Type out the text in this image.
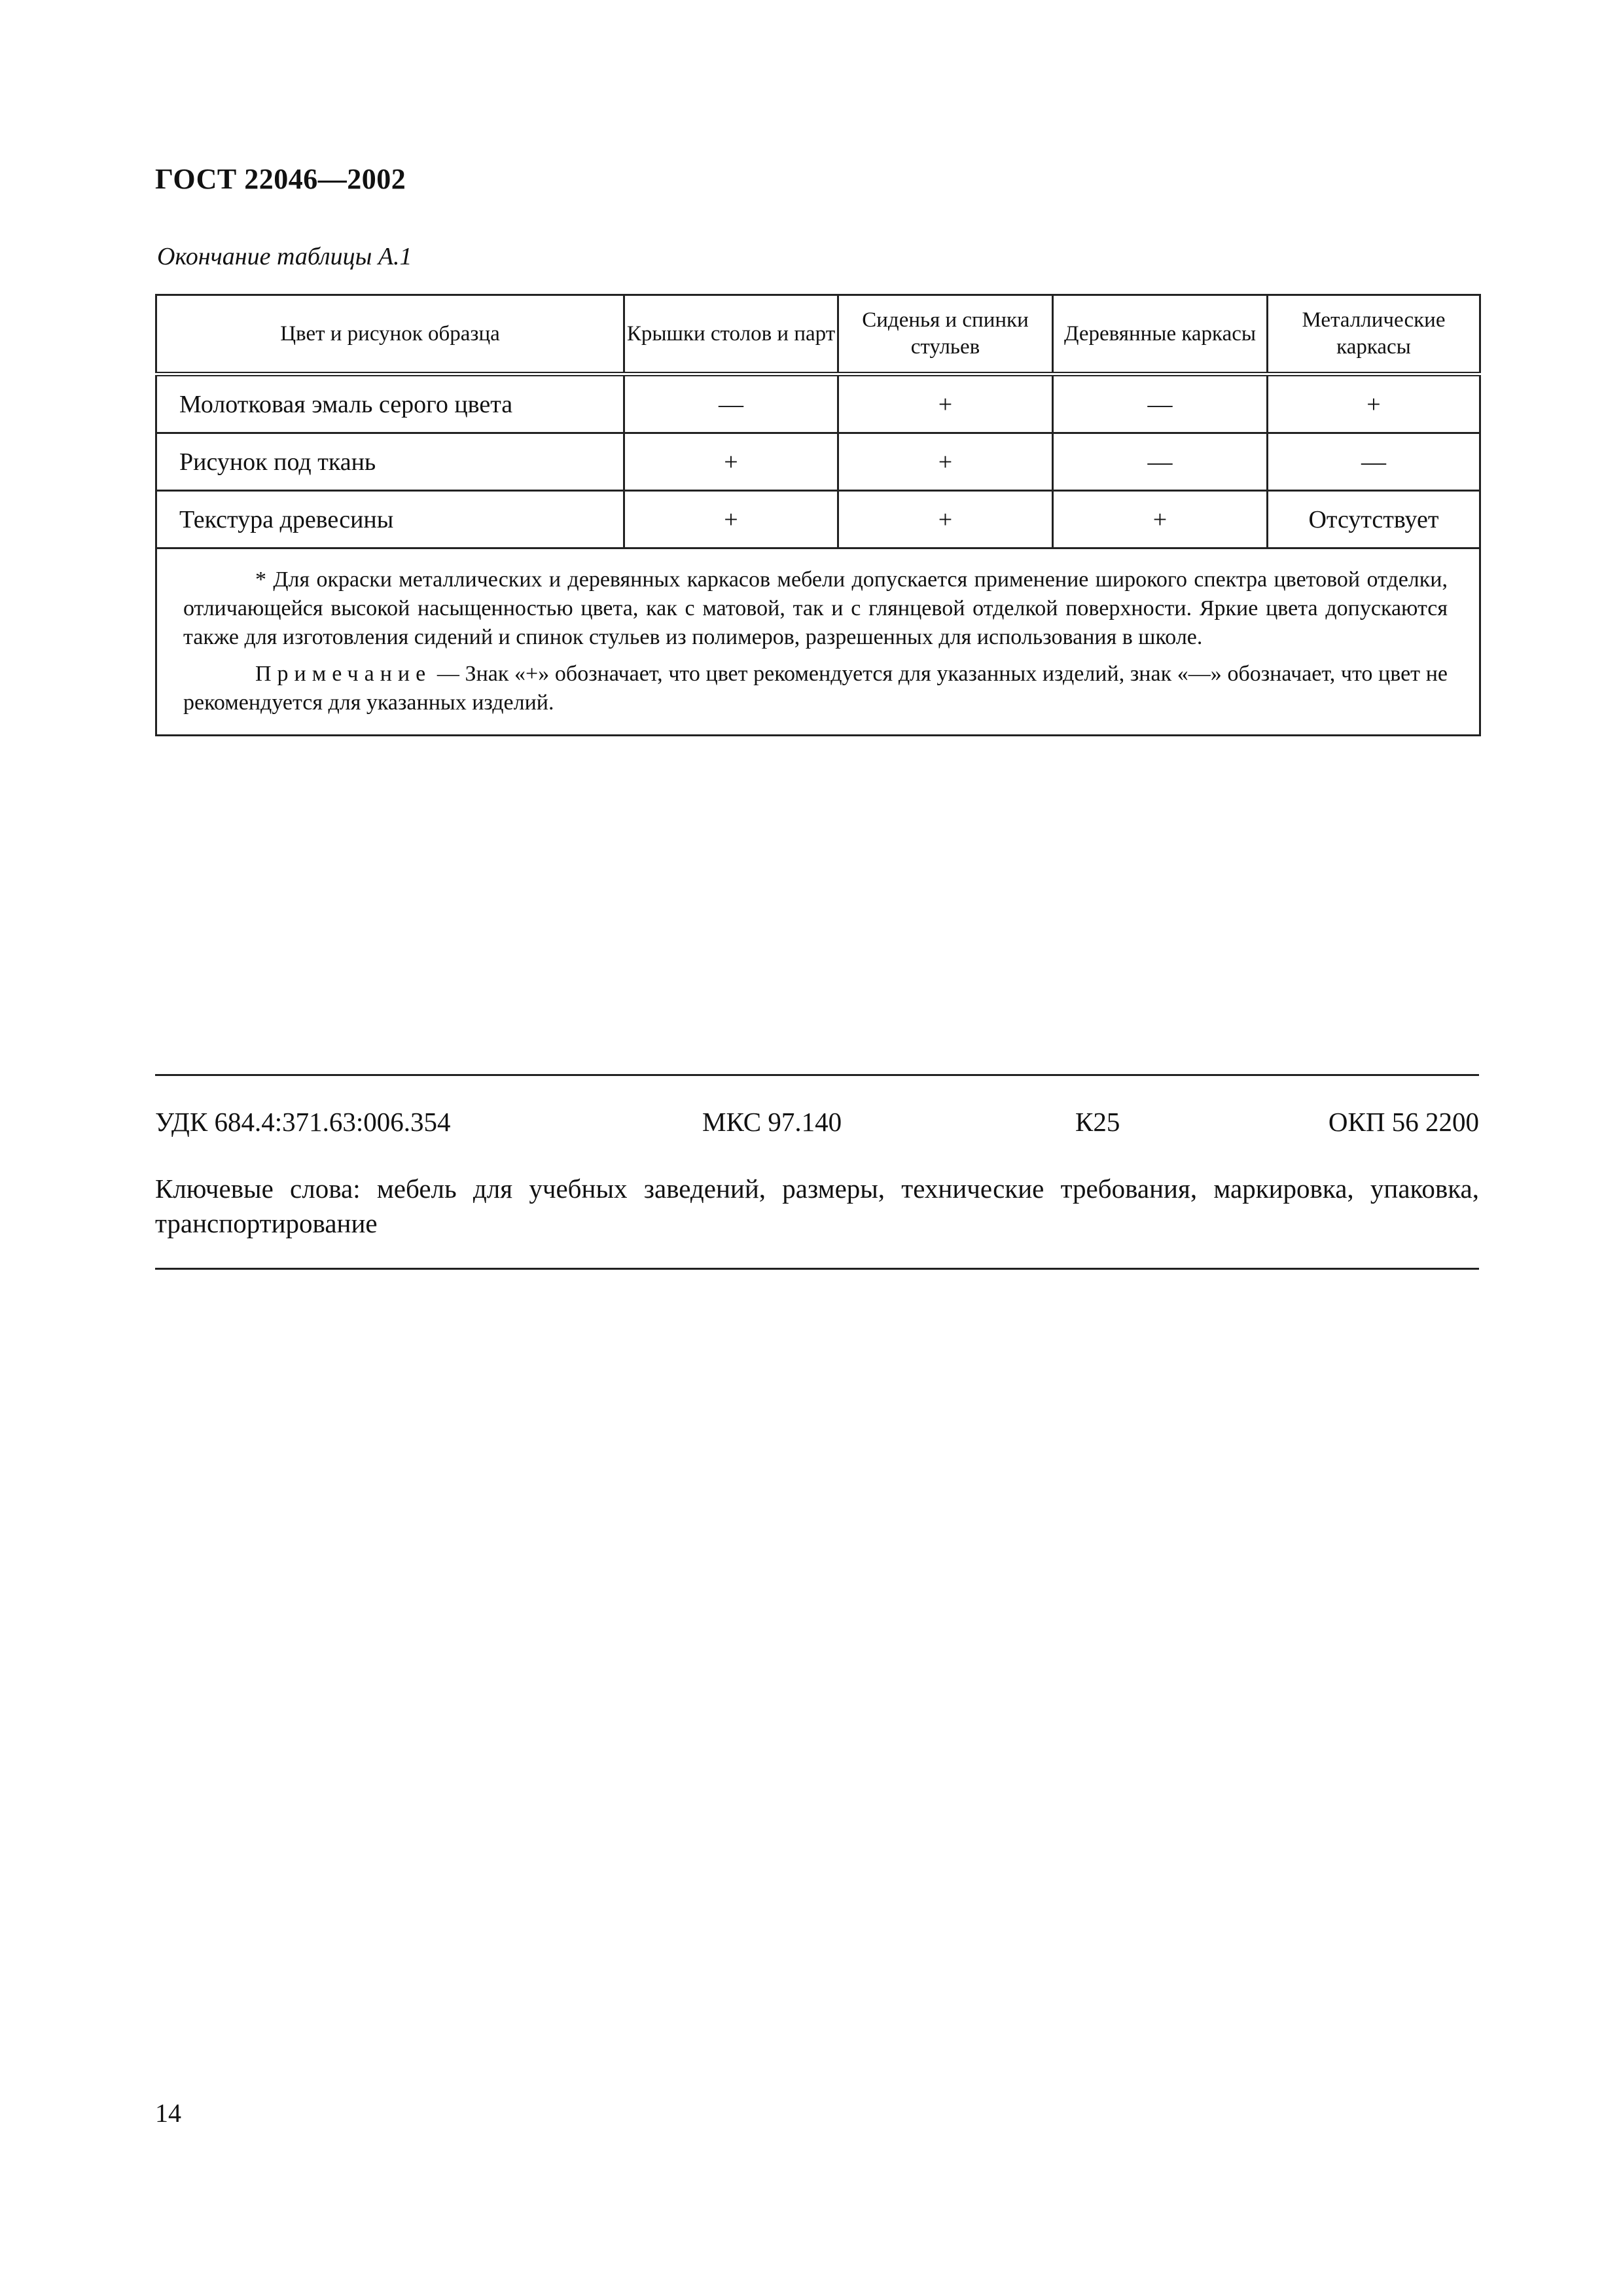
ГОСТ 22046—2002
Окончание таблицы А.1
Цвет и рисунок образца	Крышки столов и парт	Сиденья и спинки стульев	Деревянные каркасы	Металлические каркасы
Молотковая эмаль серого цвета	—	+	—	+
Рисунок под ткань	+	+	—	—
Текстура древесины	+	+	+	Отсутствует

* Для окраски металлических и деревянных каркасов мебели допускается применение широкого спектра цветовой отделки, отличающейся высокой насыщенностью цвета, как с матовой, так и с глянцевой отделкой поверхности. Яркие цвета допускаются также для изготовления сидений и спинок стульев из полимеров, разрешенных для использования в школе.

Примечание — Знак «+» обозначает, что цвет рекомендуется для указанных изделий, знак «—» обозначает, что цвет не рекомендуется для указанных изделий.				

УДК 684.4:371.63:006.354	МКС 97.140	К25	ОКП 56 2200
Ключевые слова: мебель для учебных заведений, размеры, технические требования, маркировка, упаковка, транспортирование
14
